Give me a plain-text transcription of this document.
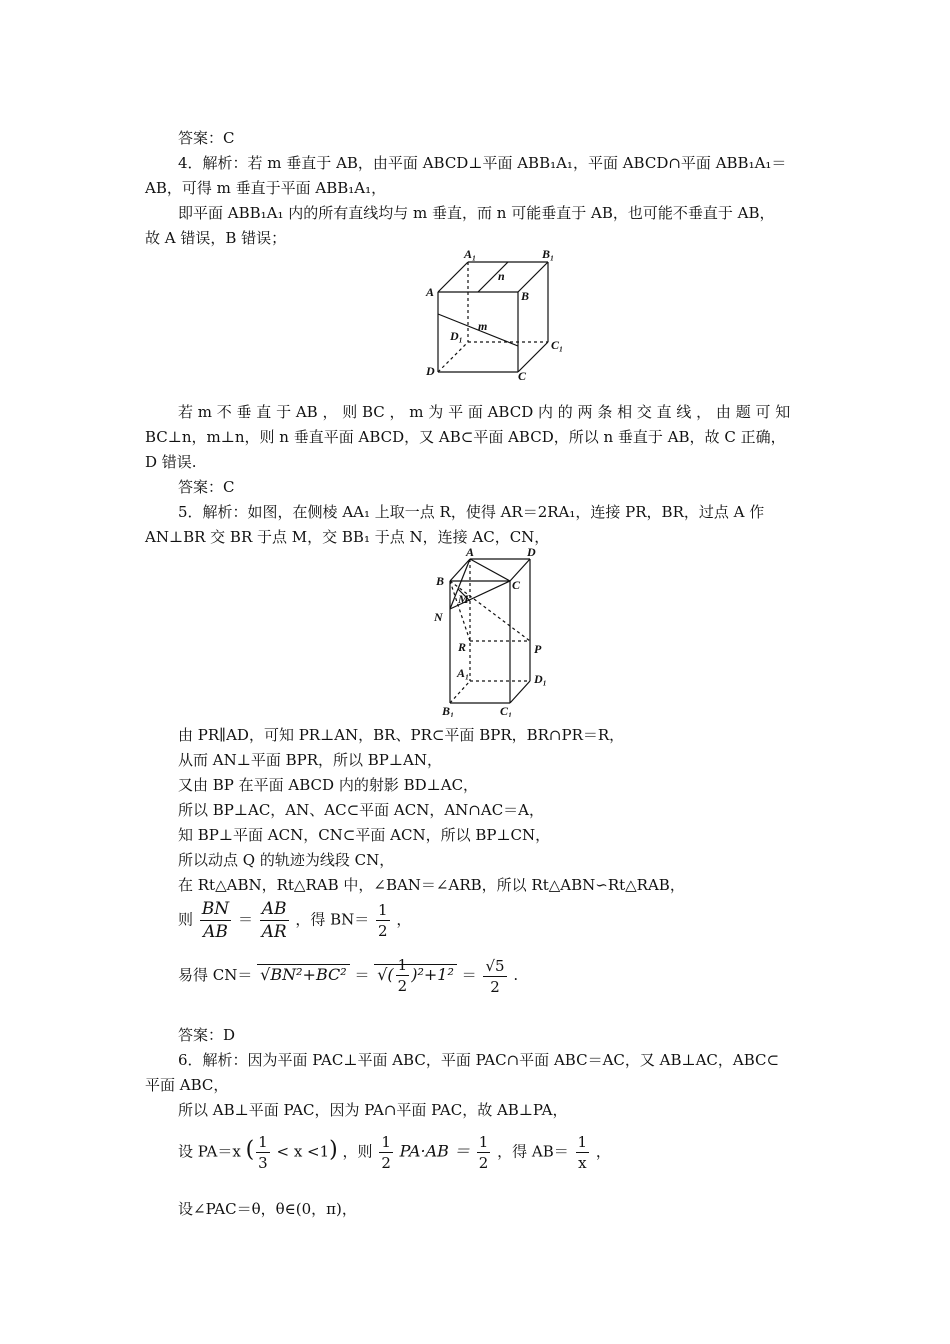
答案：C
4．解析：若 m 垂直于 AB，由平面 ABCD⊥平面 ABB₁A₁，平面 ABCD∩平面 ABB₁A₁＝
AB，可得 m 垂直于平面 ABB₁A₁，
即平面 ABB₁A₁ 内的所有直线均与 m 垂直，而 n 可能垂直于 AB，也可能不垂直于 AB，
故 A 错误，B 错误；
A₁	B₁
A	B
n
m
D₁
C₁
D	C
若 m 不 垂 直 于 AB ， 则 BC ， m 为 平 面 ABCD 内 的 两 条 相 交 直 线 ， 由 题 可 知
BC⊥n，m⊥n，则 n 垂直平面 ABCD，又 AB⊂平面 ABCD，所以 n 垂直于 AB，故 C 正确，
D 错误.
答案：C
5．解析：如图，在侧棱 AA₁ 上取一点 R，使得 AR＝2RA₁，连接 PR，BR，过点 A 作
AN⊥BR 交 BR 于点 M，交 BB₁ 于点 N，连接 AC，CN，
A	D
B	C
M
N
R	P
A₁	D₁
B₁	C₁
由 PR∥AD，可知 PR⊥AN，BR、PR⊂平面 BPR，BR∩PR＝R，
从而 AN⊥平面 BPR，所以 BP⊥AN，
又由 BP 在平面 ABCD 内的射影 BD⊥AC，
所以 BP⊥AC，AN、AC⊂平面 ACN，AN∩AC＝A，
知 BP⊥平面 ACN，CN⊂平面 ACN，所以 BP⊥CN，
所以动点 Q 的轨迹为线段 CN，
在 Rt△ABN，Rt△RAB 中，∠BAN＝∠ARB，所以 Rt△ABN∽Rt△RAB，
则 $\frac{BN}{AB} = \frac{AB}{AR}$ ，得 $BN= \frac{1}{2}$ ，
易得 CN＝ √BN²+BC² ＝ √( $\frac{1}{2} )^2+1^2 = \frac{√5}{2}$ .
答案：D
6．解析：因为平面 PAC⊥平面 ABC，平面 PAC∩平面 ABC＝AC，又 AB⊥AC，ABC⊂
平面 ABC，
所以 AB⊥平面 PAC，因为 PA∩平面 PAC，故 AB⊥PA，
设 PA＝x ( $\frac{1}{3} < x <1$) ，则 $\frac{1}{2} PA\cdot AB = \frac{1}{2}$ ，得 $AB= \frac{1}{x}$ ，
设∠PAC＝θ，θ∈(0，π)，
